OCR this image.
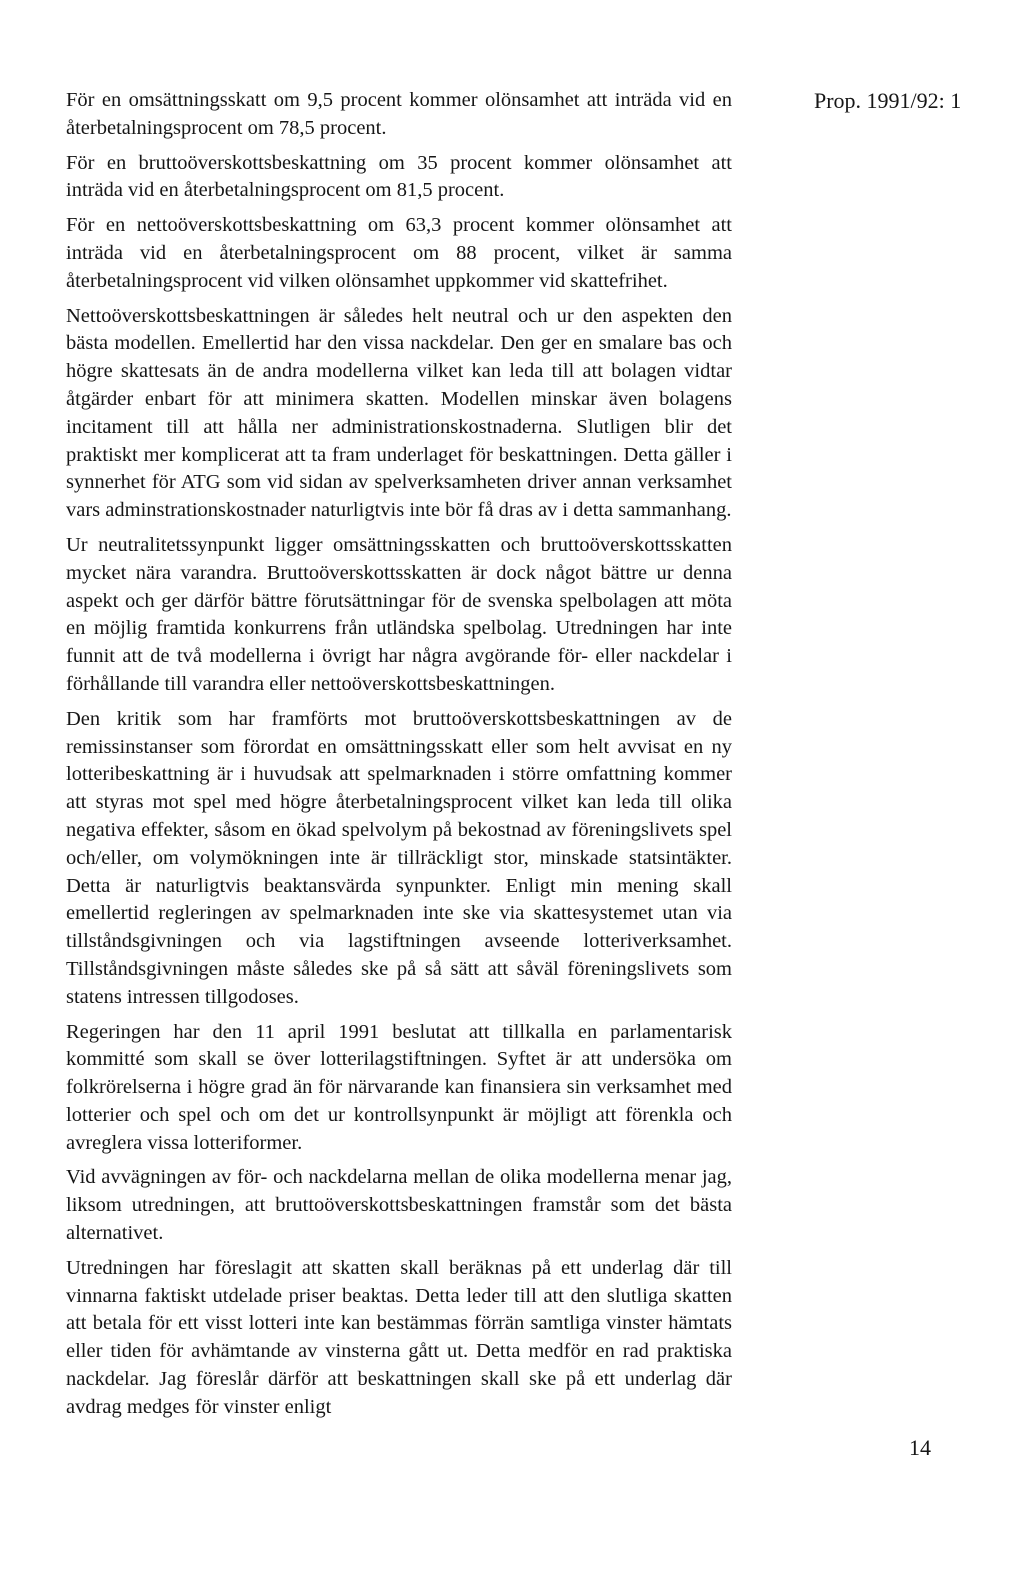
Prop. 1991/92: 1

För en omsättningsskatt om 9,5 procent kommer olönsamhet att inträda vid en återbetalningsprocent om 78,5 procent.

För en bruttoöverskottsbeskattning om 35 procent kommer olönsamhet att inträda vid en återbetalningsprocent om 81,5 procent.

För en nettoöverskottsbeskattning om 63,3 procent kommer olönsamhet att inträda vid en återbetalningsprocent om 88 procent, vilket är samma återbetalningsprocent vid vilken olönsamhet uppkommer vid skattefrihet.

Nettoöverskottsbeskattningen är således helt neutral och ur den aspekten den bästa modellen. Emellertid har den vissa nackdelar. Den ger en smalare bas och högre skattesats än de andra modellerna vilket kan leda till att bolagen vidtar åtgärder enbart för att minimera skatten. Modellen minskar även bolagens incitament till att hålla ner administrationskostnaderna. Slutligen blir det praktiskt mer komplicerat att ta fram underlaget för beskattningen. Detta gäller i synnerhet för ATG som vid sidan av spelverksamheten driver annan verksamhet vars adminstrationskostnader naturligtvis inte bör få dras av i detta sammanhang.

Ur neutralitetssynpunkt ligger omsättningsskatten och bruttoöverskottsskatten mycket nära varandra. Bruttoöverskottsskatten är dock något bättre ur denna aspekt och ger därför bättre förutsättningar för de svenska spelbolagen att möta en möjlig framtida konkurrens från utländska spelbolag. Utredningen har inte funnit att de två modellerna i övrigt har några avgörande för- eller nackdelar i förhållande till varandra eller nettoöverskottsbeskattningen.

Den kritik som har framförts mot bruttoöverskottsbeskattningen av de remissinstanser som förordat en omsättningsskatt eller som helt avvisat en ny lotteribeskattning är i huvudsak att spelmarknaden i större omfattning kommer att styras mot spel med högre återbetalningsprocent vilket kan leda till olika negativa effekter, såsom en ökad spelvolym på bekostnad av föreningslivets spel och/eller, om volymökningen inte är tillräckligt stor, minskade statsintäkter. Detta är naturligtvis beaktansvärda synpunkter. Enligt min mening skall emellertid regleringen av spelmarknaden inte ske via skattesystemet utan via tillståndsgivningen och via lagstiftningen avseende lotteriverksamhet. Tillståndsgivningen måste således ske på så sätt att såväl föreningslivets som statens intressen tillgodoses.

Regeringen har den 11 april 1991 beslutat att tillkalla en parlamentarisk kommitté som skall se över lotterilagstiftningen. Syftet är att undersöka om folkrörelserna i högre grad än för närvarande kan finansiera sin verksamhet med lotterier och spel och om det ur kontrollsynpunkt är möjligt att förenkla och avreglera vissa lotteriformer.

Vid avvägningen av för- och nackdelarna mellan de olika modellerna menar jag, liksom utredningen, att bruttoöverskottsbeskattningen framstår som det bästa alternativet.

Utredningen har föreslagit att skatten skall beräknas på ett underlag där till vinnarna faktiskt utdelade priser beaktas. Detta leder till att den slutliga skatten att betala för ett visst lotteri inte kan bestämmas förrän samtliga vinster hämtats eller tiden för avhämtande av vinsterna gått ut. Detta medför en rad praktiska nackdelar. Jag föreslår därför att beskattningen skall ske på ett underlag där avdrag medges för vinster enligt

14
